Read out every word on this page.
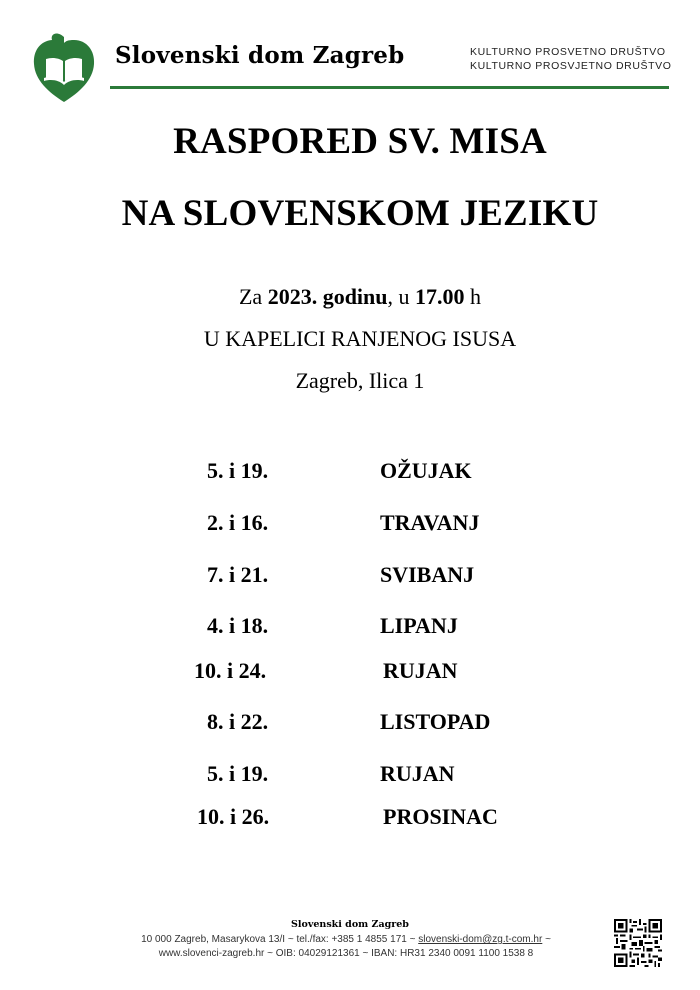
Slovenski dom Zagreb	KULTURNO PROSVETNO DRUŠTVO
KULTURNO PROSVJETNO DRUŠTVO
RASPORED SV. MISA
NA SLOVENSKOM JEZIKU
Za 2023. godinu, u 17.00 h
U KAPELICI RANJENOG ISUSA
Zagreb, Ilica 1
5. i 19.	OŽUJAK
2. i 16.	TRAVANJ
7. i 21.	SVIBANJ
4. i 18.	LIPANJ
10. i 24.	RUJAN
8. i 22.	LISTOPAD
5. i 19.	RUJAN
10. i 26.	PROSINAC
Slovenski dom Zagreb
10 000 Zagreb, Masarykova 13/I ~ tel./fax: +385 1 4855 171 ~ slovenski-dom@zg.t-com.hr ~
www.slovenci-zagreb.hr ~ OIB: 04029121361 ~ IBAN: HR31 2340 0091 1100 1538 8
